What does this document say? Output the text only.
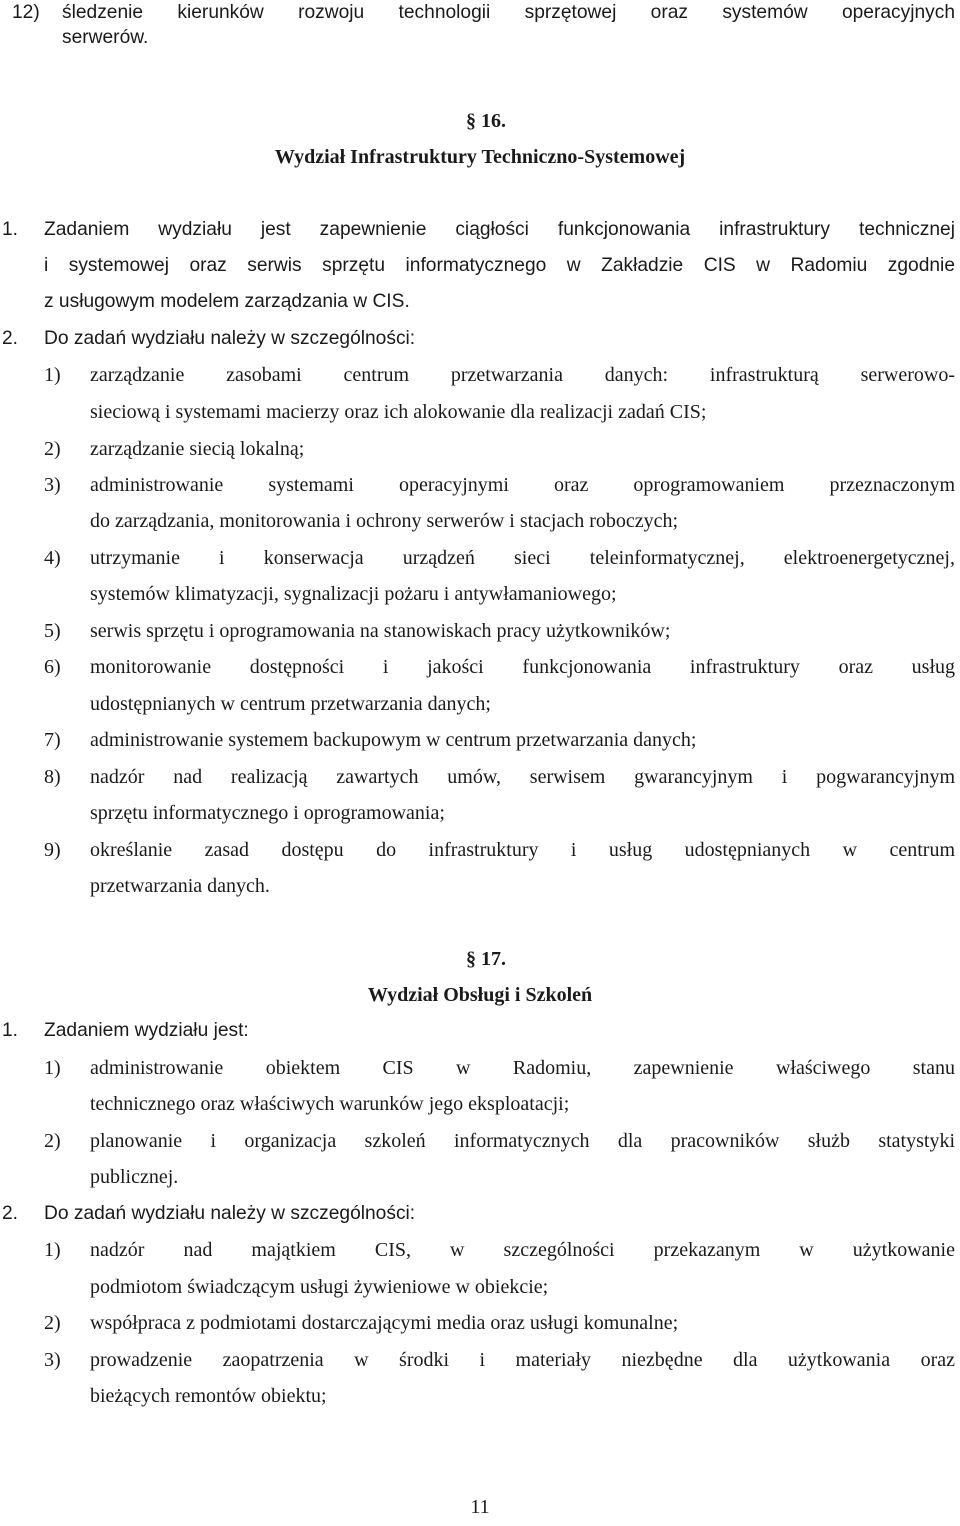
12) śledzenie kierunków rozwoju technologii sprzętowej oraz systemów operacyjnych
serwerów.
§ 16.
Wydział Infrastruktury Techniczno-Systemowej
1. Zadaniem wydziału jest zapewnienie ciągłości funkcjonowania infrastruktury technicznej
i systemowej oraz serwis sprzętu informatycznego w Zakładzie CIS w Radomiu zgodnie
z usługowym modelem zarządzania w CIS.
2. Do zadań wydziału należy w szczególności:
1) zarządzanie zasobami centrum przetwarzania danych: infrastrukturą serwerowo-
sieciową i systemami macierzy oraz ich alokowanie dla realizacji zadań CIS;
2) zarządzanie siecią lokalną;
3) administrowanie systemami operacyjnymi oraz oprogramowaniem przeznaczonym
do zarządzania, monitorowania i ochrony serwerów i stacjach roboczych;
4) utrzymanie i konserwacja urządzeń sieci teleinformatycznej, elektroenergetycznej,
systemów klimatyzacji, sygnalizacji pożaru i antywłamaniowego;
5) serwis sprzętu i oprogramowania na stanowiskach pracy użytkowników;
6) monitorowanie dostępności i jakości funkcjonowania infrastruktury oraz usług
udostępnianych w centrum przetwarzania danych;
7) administrowanie systemem backupowym w centrum przetwarzania danych;
8) nadzór nad realizacją zawartych umów, serwisem gwarancyjnym i pogwarancyjnym
sprzętu informatycznego i oprogramowania;
9) określanie zasad dostępu do infrastruktury i usług udostępnianych w centrum
przetwarzania danych.
§ 17.
Wydział Obsługi i Szkoleń
1. Zadaniem wydziału jest:
1) administrowanie obiektem CIS w Radomiu, zapewnienie właściwego stanu
technicznego oraz właściwych warunków jego eksploatacji;
2) planowanie i organizacja szkoleń informatycznych dla pracowników służb statystyki
publicznej.
2. Do zadań wydziału należy w szczególności:
1) nadzór nad majątkiem CIS, w szczególności przekazanym w użytkowanie
podmiotom świadczącym usługi żywieniowe w obiekcie;
2) współpraca z podmiotami dostarczającymi media oraz usługi komunalne;
3) prowadzenie zaopatrzenia w środki i materiały niezbędne dla użytkowania oraz
bieżących remontów obiektu;
11
